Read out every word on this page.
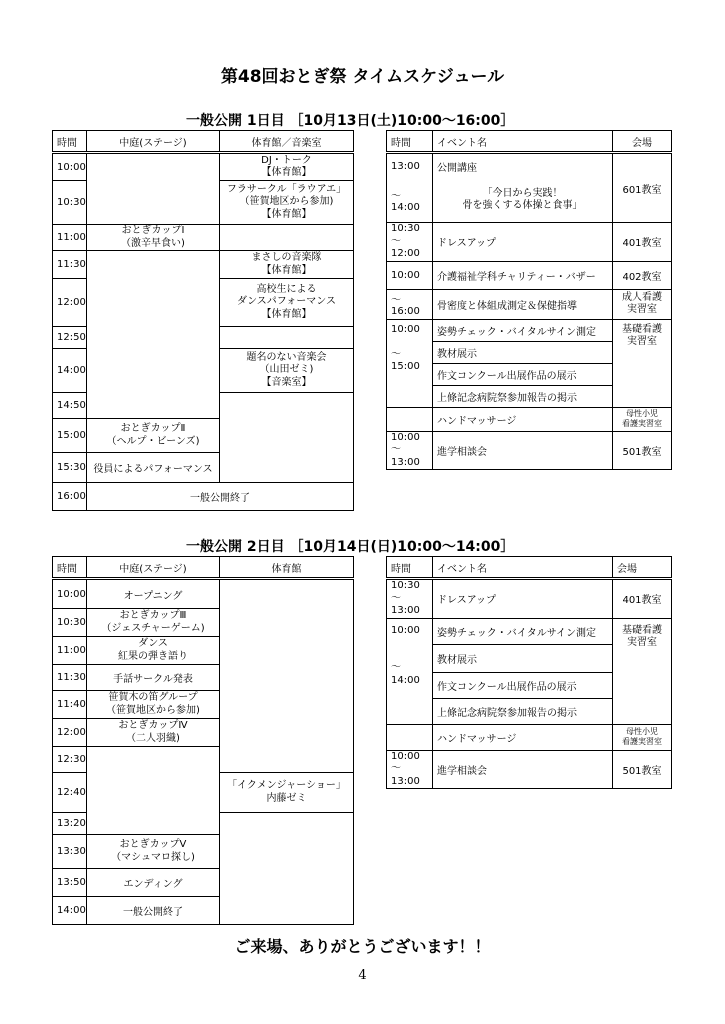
第48回おとぎ祭 タイムスケジュール
一般公開 1日目 ［10月13日(土)10:00～16:00］
時間	中庭(ステージ)	体育館／音楽室
10:00		DJ・トーク
【体育館】
10:30		フラサークル「ラウアエ」
（笹賀地区から参加)
【体育館】
11:00	おとぎカップⅠ
（激辛早食い)	
11:30		まさしの音楽隊
【体育館】
12:00		高校生による
ダンスパフォーマンス
【体育館】
12:50		
14:00		題名のない音楽会
（山田ゼミ)
【音楽室】
14:50		
15:00	おとぎカップⅡ
（ヘルプ・ビーンズ)	
15:30	役員によるパフォーマンス	
16:00	一般公開終了	
時間	イベント名	会場
13:00	公開講座	601教室
～14:00	「今日から実践！
骨を強くする体操と食事」	
10:30～
12:00	ドレスアップ	401教室
10:00	介護福祉学科チャリティー・バザー	402教室
～16:00	骨密度と体組成測定＆保健指導	成人看護
実習室
10:00

～15:00	姿勢チェック・バイタルサイン測定	基礎看護
実習室
	教材展示	
	作文コンクール出展作品の展示	
	上條記念病院祭参加報告の掲示	
	ハンドマッサージ	母性小児
看護実習室
10:00～
13:00	進学相談会	501教室
一般公開 2日目 ［10月14日(日)10:00～14:00］
時間	中庭(ステージ)	体育館
10:00	オープニング	
10:30	おとぎカップⅢ
（ジェスチャーゲーム)	
11:00	ダンス
紅果の弾き語り	
11:30	手話サークル発表	
11:40	笹賀木の笛グループ
（笹賀地区から参加)	
12:00	おとぎカップⅣ
（二人羽織)	
12:30		
12:40		「イクメンジャーショー」
内藤ゼミ
13:20		
13:30	おとぎカップⅤ
（マシュマロ探し)	
13:50	エンディング	
14:00	一般公開終了	
時間	イベント名	会場
10:30～
13:00	ドレスアップ	401教室
10:00

～14:00	姿勢チェック・バイタルサイン測定	基礎看護
実習室
	教材展示	
	作文コンクール出展作品の展示	
	上條記念病院祭参加報告の掲示	
	ハンドマッサージ	母性小児
看護実習室
10:00～
13:00	進学相談会	501教室
ご来場、ありがとうございます！！
4
